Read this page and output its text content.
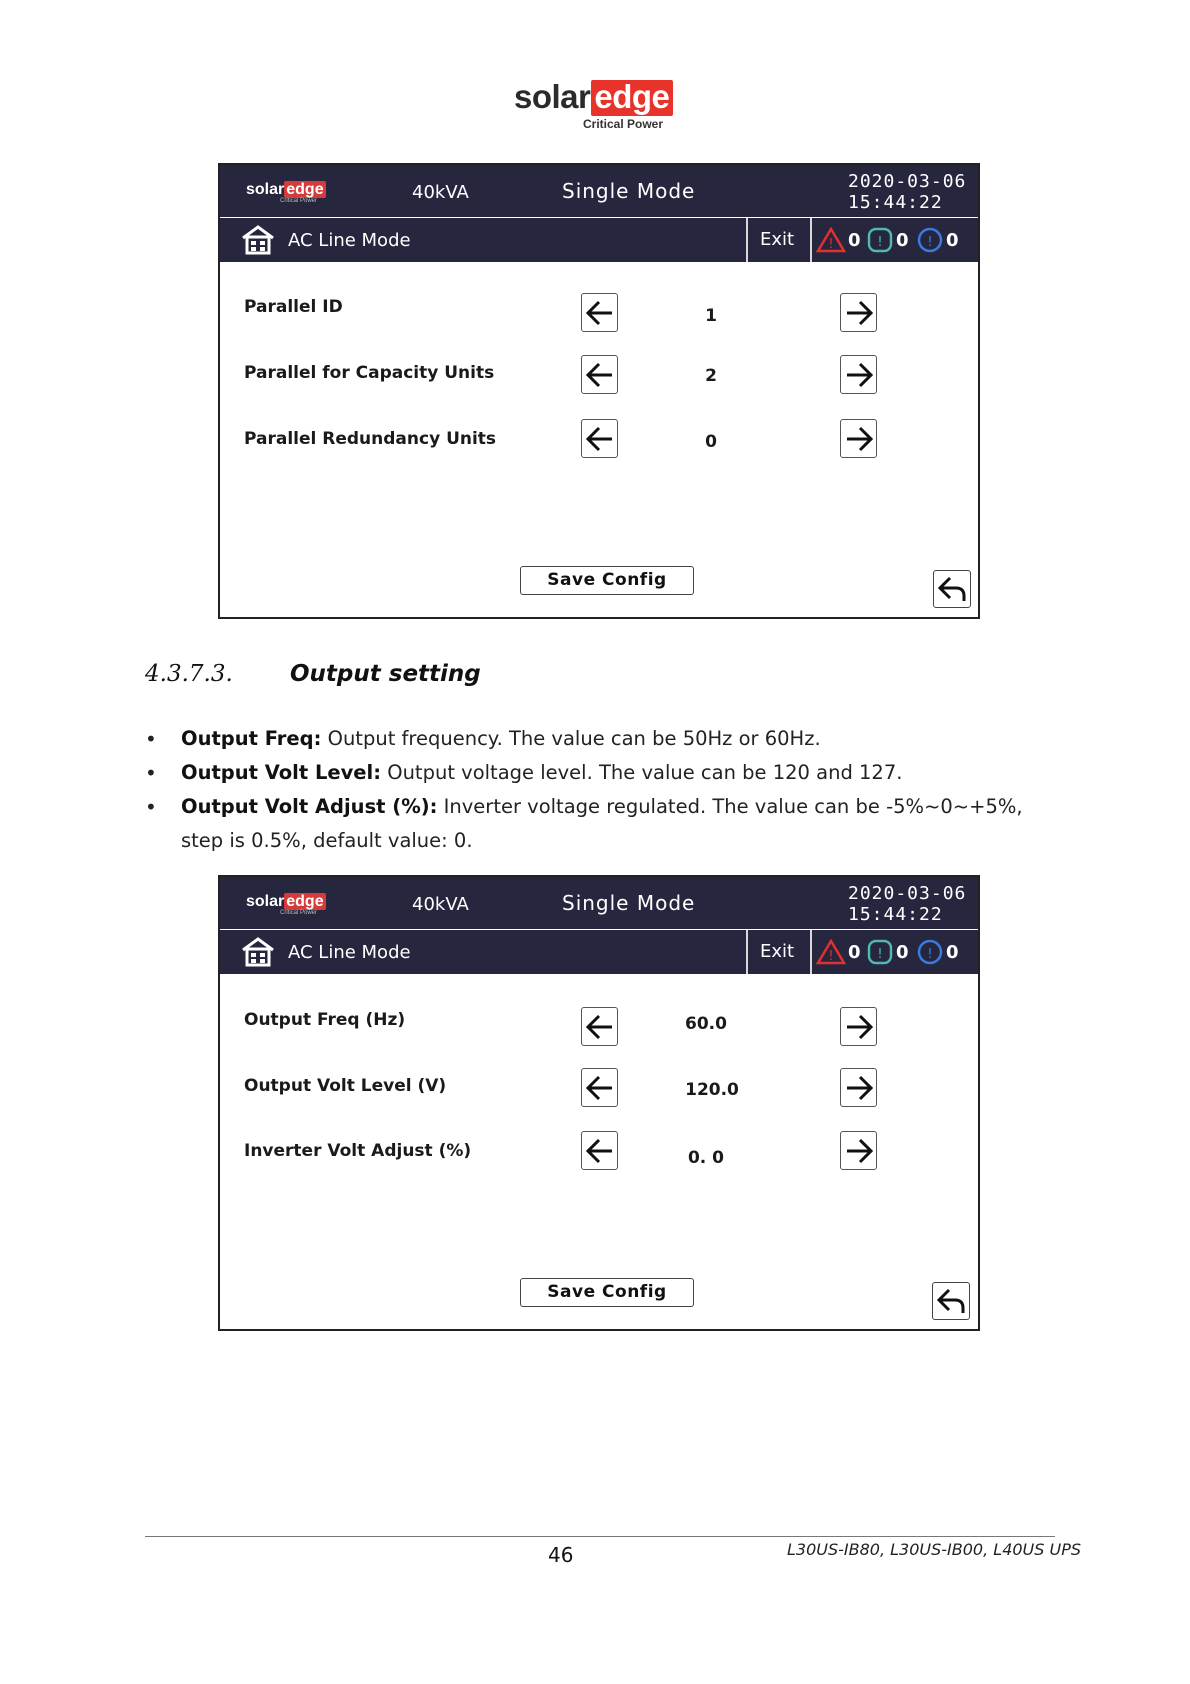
solar edge
Critical Power
solar edge
Critical Power	40kVA	Single Mode	2020-03-06
15:44:22
AC Line Mode	Exit	! 0 ! 0 ! 0
Parallel ID	1
Parallel for Capacity Units	2
Parallel Redundancy Units	0
Save Config
4.3.7.3. Output setting
• Output Freq: Output frequency. The value can be 50Hz or 60Hz.
• Output Volt Level: Output voltage level. The value can be 120 and 127.
• Output Volt Adjust (%): Inverter voltage regulated. The value can be -5%~0~+5%, step is 0.5%, default value: 0.
solar edge
Critical Power	40kVA	Single Mode	2020-03-06
15:44:22
AC Line Mode	Exit	! 0 ! 0 ! 0
Output Freq (Hz)	60.0
Output Volt Level (V)	120.0
Inverter Volt Adjust (%)	0. 0
Save Config
46	L30US-IB80, L30US-IB00, L40US UPS
